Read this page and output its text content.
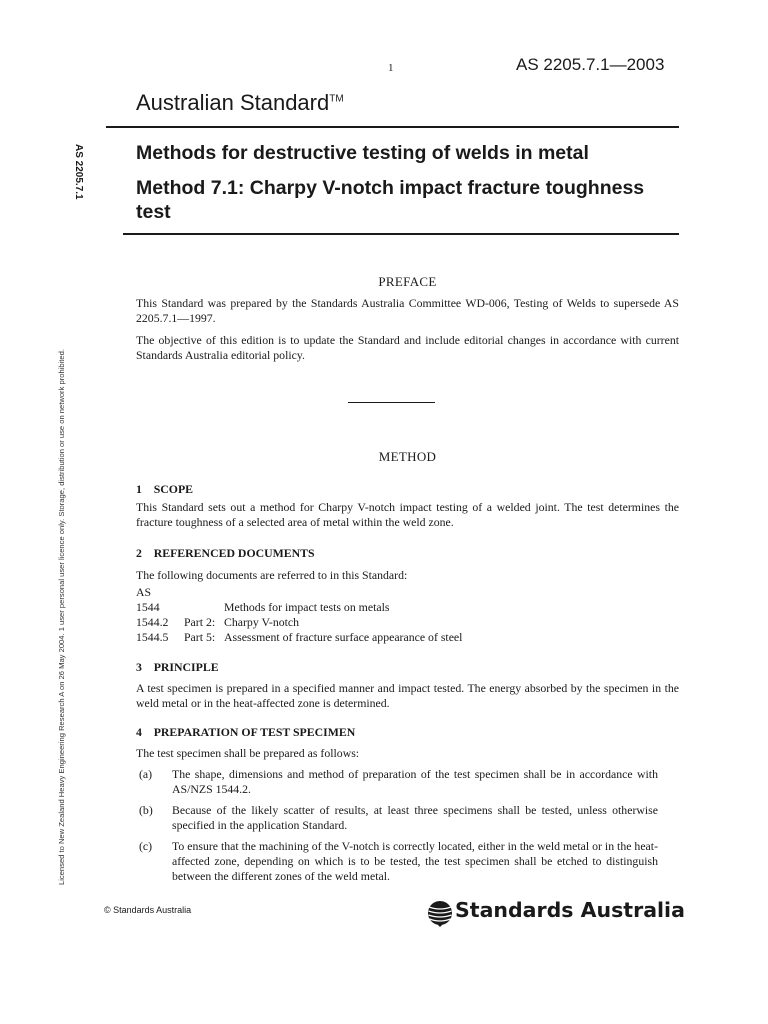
1	AS 2205.7.1—2003
Australian Standard™
Methods for destructive testing of welds in metal
Method 7.1: Charpy V-notch impact fracture toughness test
AS 2205.7.1
Licensed to New Zealand Heavy Engineering Research A on 26 May 2004. 1 user personal user licence only. Storage, distribution or use on network prohibited.
PREFACE
This Standard was prepared by the Standards Australia Committee WD-006, Testing of Welds to supersede AS 2205.7.1—1997.
The objective of this edition is to update the Standard and include editorial changes in accordance with current Standards Australia editorial policy.
METHOD
1    SCOPE
This Standard sets out a method for Charpy V-notch impact testing of a welded joint. The test determines the fracture toughness of a selected area of metal within the weld zone.
2    REFERENCED DOCUMENTS
The following documents are referred to in this Standard:
AS
1544	Methods for impact tests on metals
1544.2 Part 2: Charpy V-notch
1544.5 Part 5: Assessment of fracture surface appearance of steel
3    PRINCIPLE
A test specimen is prepared in a specified manner and impact tested. The energy absorbed by the specimen in the weld metal or in the heat-affected zone is determined.
4    PREPARATION OF TEST SPECIMEN
The test specimen shall be prepared as follows:
(a) The shape, dimensions and method of preparation of the test specimen shall be in accordance with AS/NZS 1544.2.
(b) Because of the likely scatter of results, at least three specimens shall be tested, unless otherwise specified in the application Standard.
(c) To ensure that the machining of the V-notch is correctly located, either in the weld metal or in the heat-affected zone, depending on which is to be tested, the test specimen shall be etched to distinguish between the different zones of the weld metal.
© Standards Australia	Standards Australia
